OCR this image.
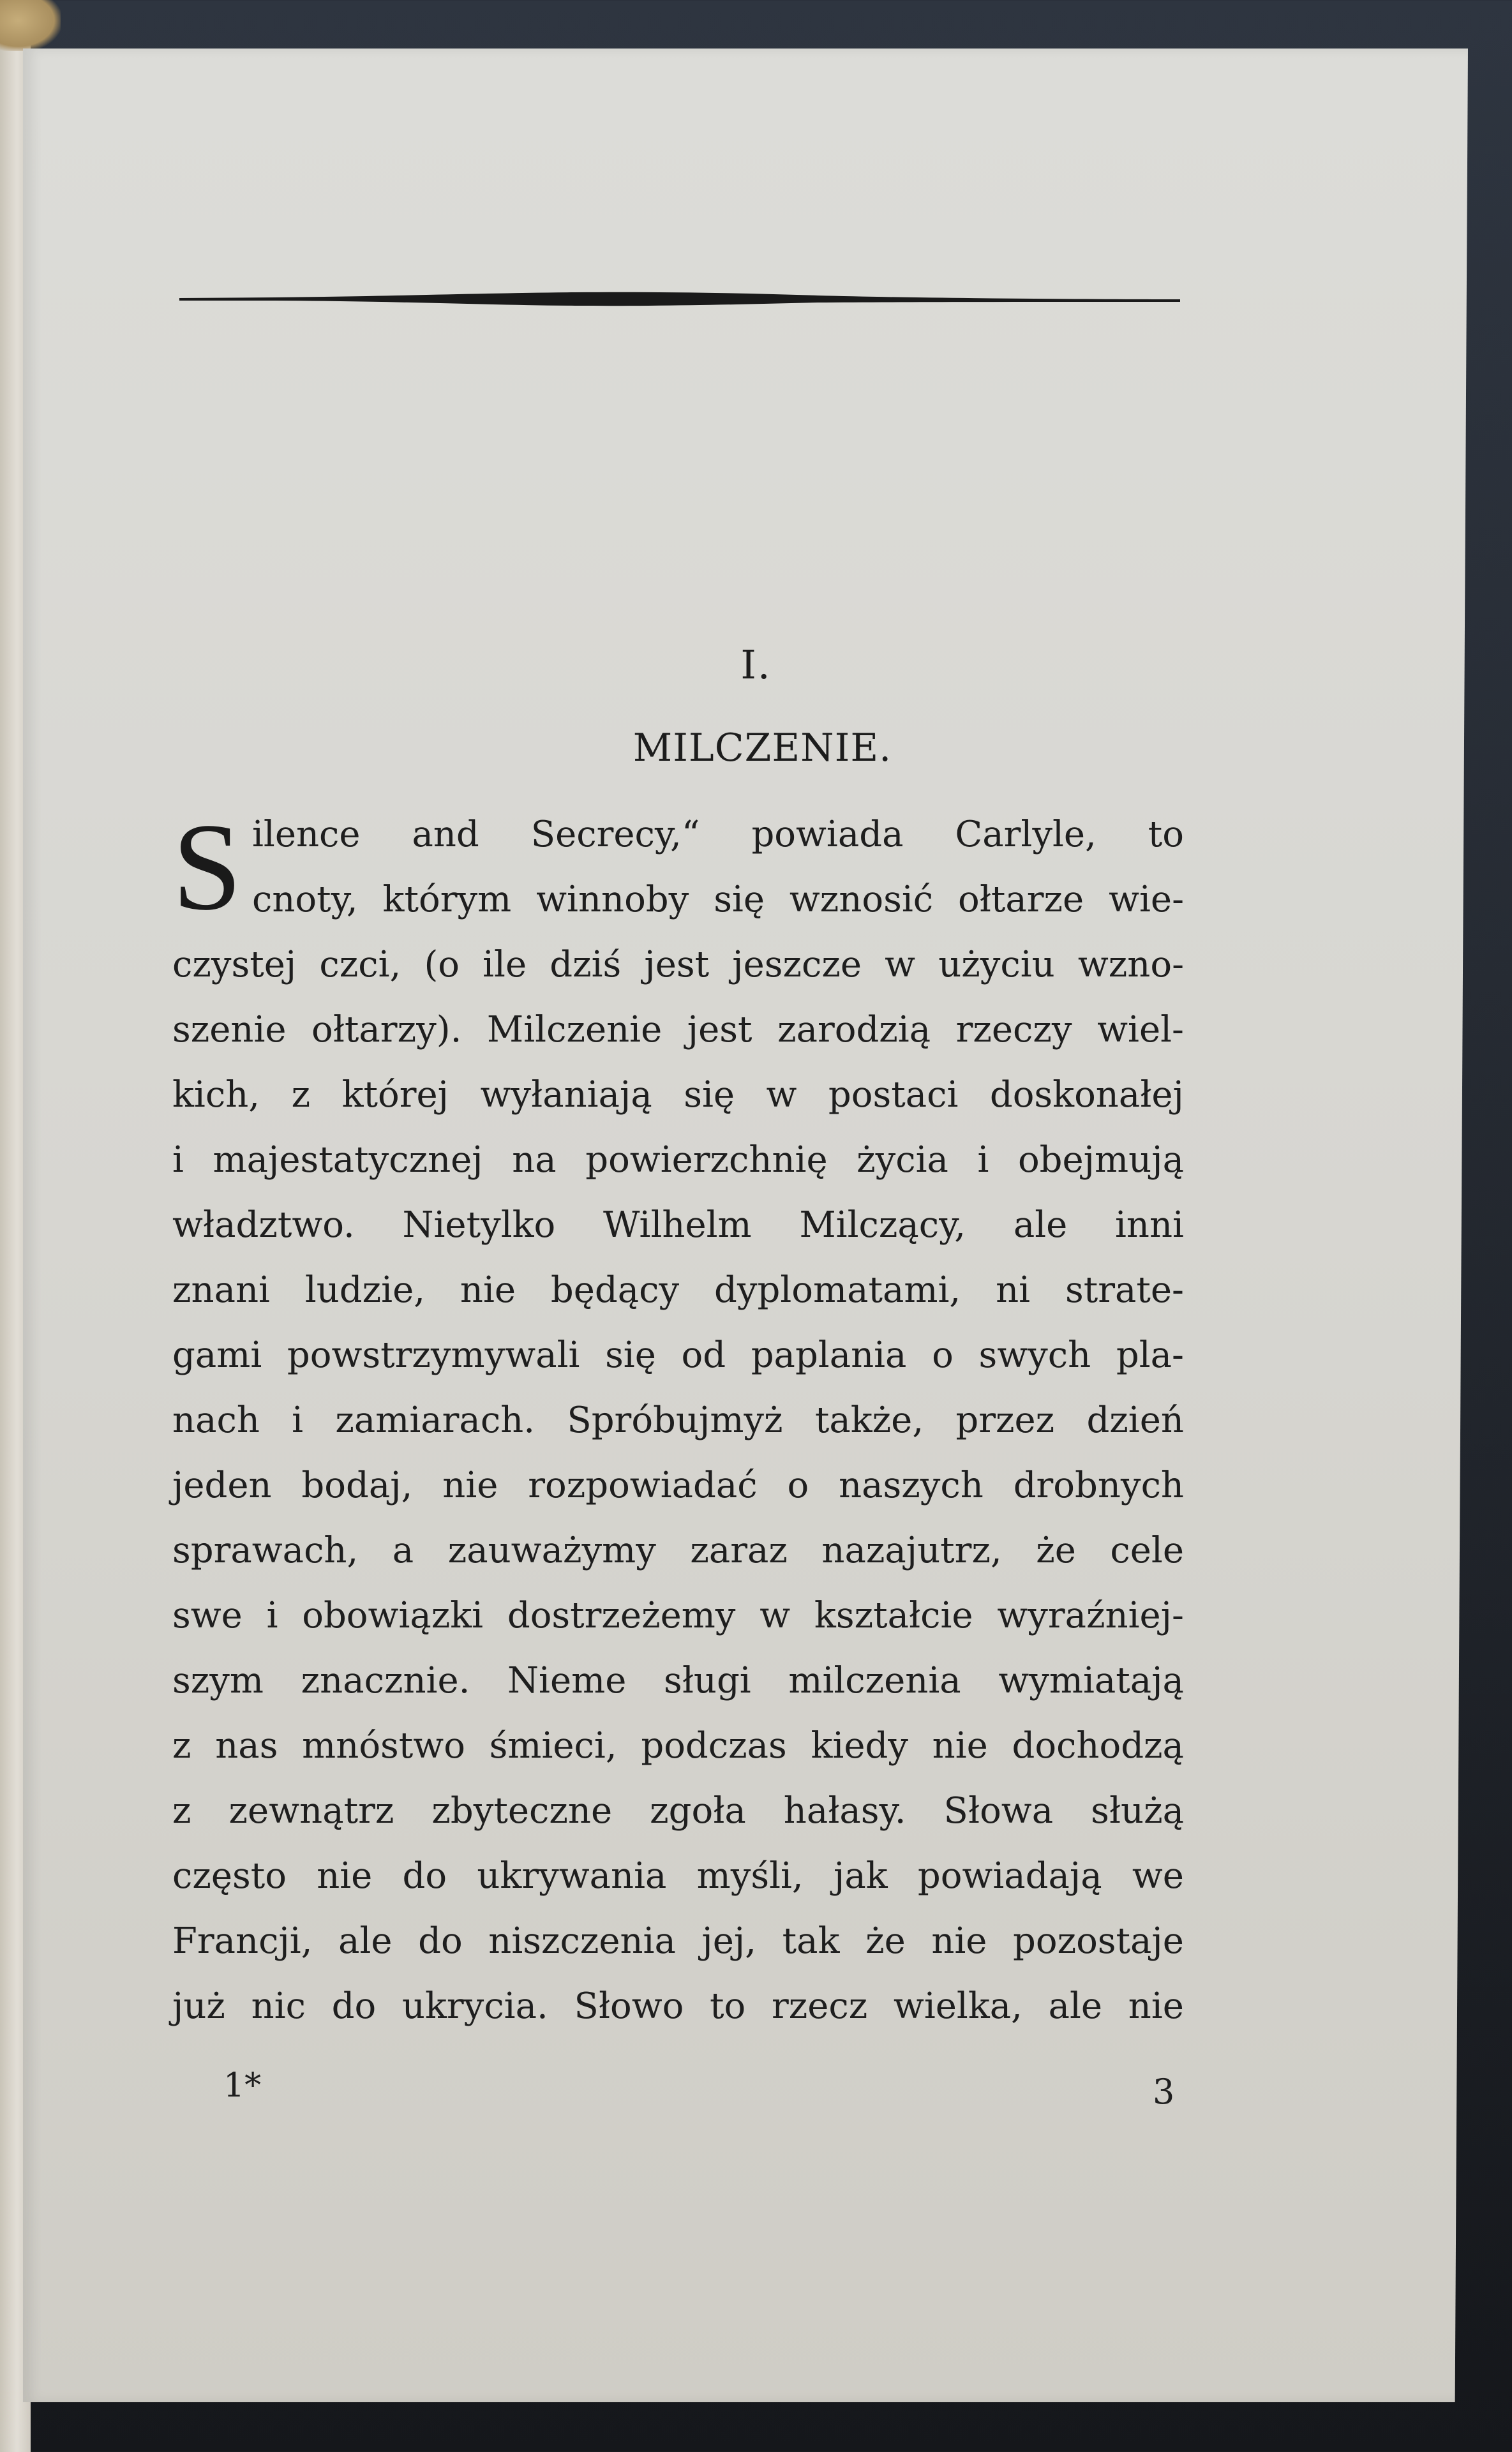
I.
MILCZENIE.
S ilence and Secrecy,“ powiada Carlyle, to
cnoty, którym winnoby się wznosić ołtarze wie-
czystej czci, (o ile dziś jest jeszcze w użyciu wzno-
szenie ołtarzy). Milczenie jest zarodzią rzeczy wiel-
kich, z której wyłaniają się w postaci doskonałej
i majestatycznej na powierzchnię życia i obejmują
władztwo. Nietylko Wilhelm Milczący, ale inni
znani ludzie, nie będący dyplomatami, ni strate-
gami powstrzymywali się od paplania o swych pla-
nach i zamiarach. Spróbujmyż także, przez dzień
jeden bodaj, nie rozpowiadać o naszych drobnych
sprawach, a zauważymy zaraz nazajutrz, że cele
swe i obowiązki dostrzeżemy w kształcie wyraźniej-
szym znacznie. Nieme sługi milczenia wymiatają
z nas mnóstwo śmieci, podczas kiedy nie dochodzą
z zewnątrz zbyteczne zgoła hałasy. Słowa służą
często nie do ukrywania myśli, jak powiadają we
Francji, ale do niszczenia jej, tak że nie pozostaje
już nic do ukrycia. Słowo to rzecz wielka, ale nie
1*	3
